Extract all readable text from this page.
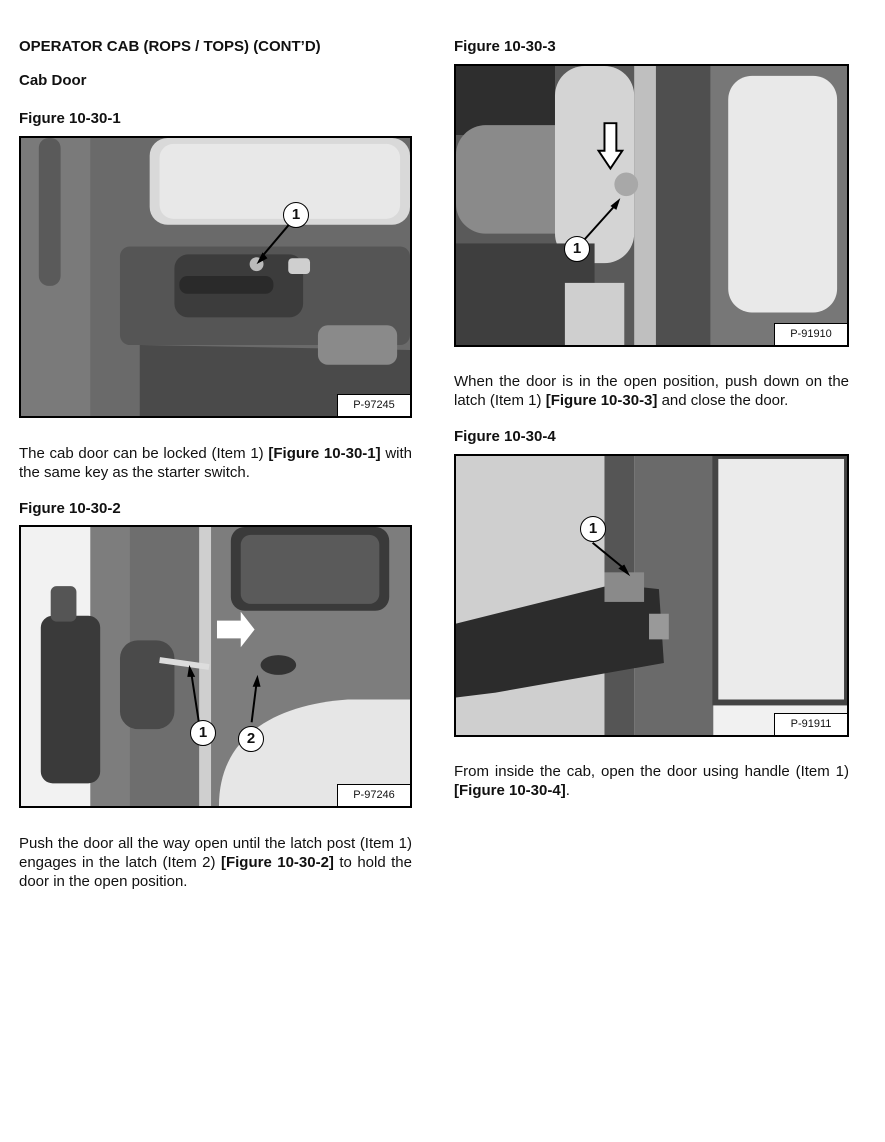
OPERATOR CAB (ROPS / TOPS) (CONT’D)
Cab Door
Figure 10-30-1
1
P-97245
The cab door can be locked (Item 1) [Figure 10-30-1] with the same key as the starter switch.
Figure 10-30-2
1	2
P-97246
Push the door all the way open until the latch post (Item 1) engages in the latch (Item 2) [Figure 10-30-2] to hold the door in the open position.
Figure 10-30-3
1
P-91910
When the door is in the open position, push down on the latch (Item 1) [Figure 10-30-3] and close the door.
Figure 10-30-4
1
P-91911
From inside the cab, open the door using handle (Item 1) [Figure 10-30-4].
